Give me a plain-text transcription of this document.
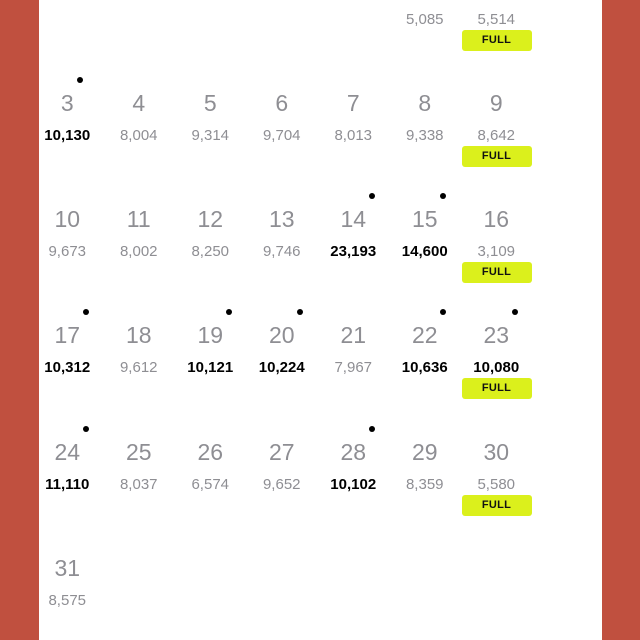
5,085	5,514
FULL
3
10,130
4
8,004
5
9,314
6
9,704
7
8,013
8
9,338
9
8,642
FULL
10
9,673
11
8,002
12
8,250
13
9,746
14
23,193
15
14,600
16
3,109
FULL
17
10,312
18
9,612
19
10,121
20
10,224
21
7,967
22
10,636
23
10,080
FULL
24
11,110
25
8,037
26
6,574
27
9,652
28
10,102
29
8,359
30
5,580
FULL
31
8,575
